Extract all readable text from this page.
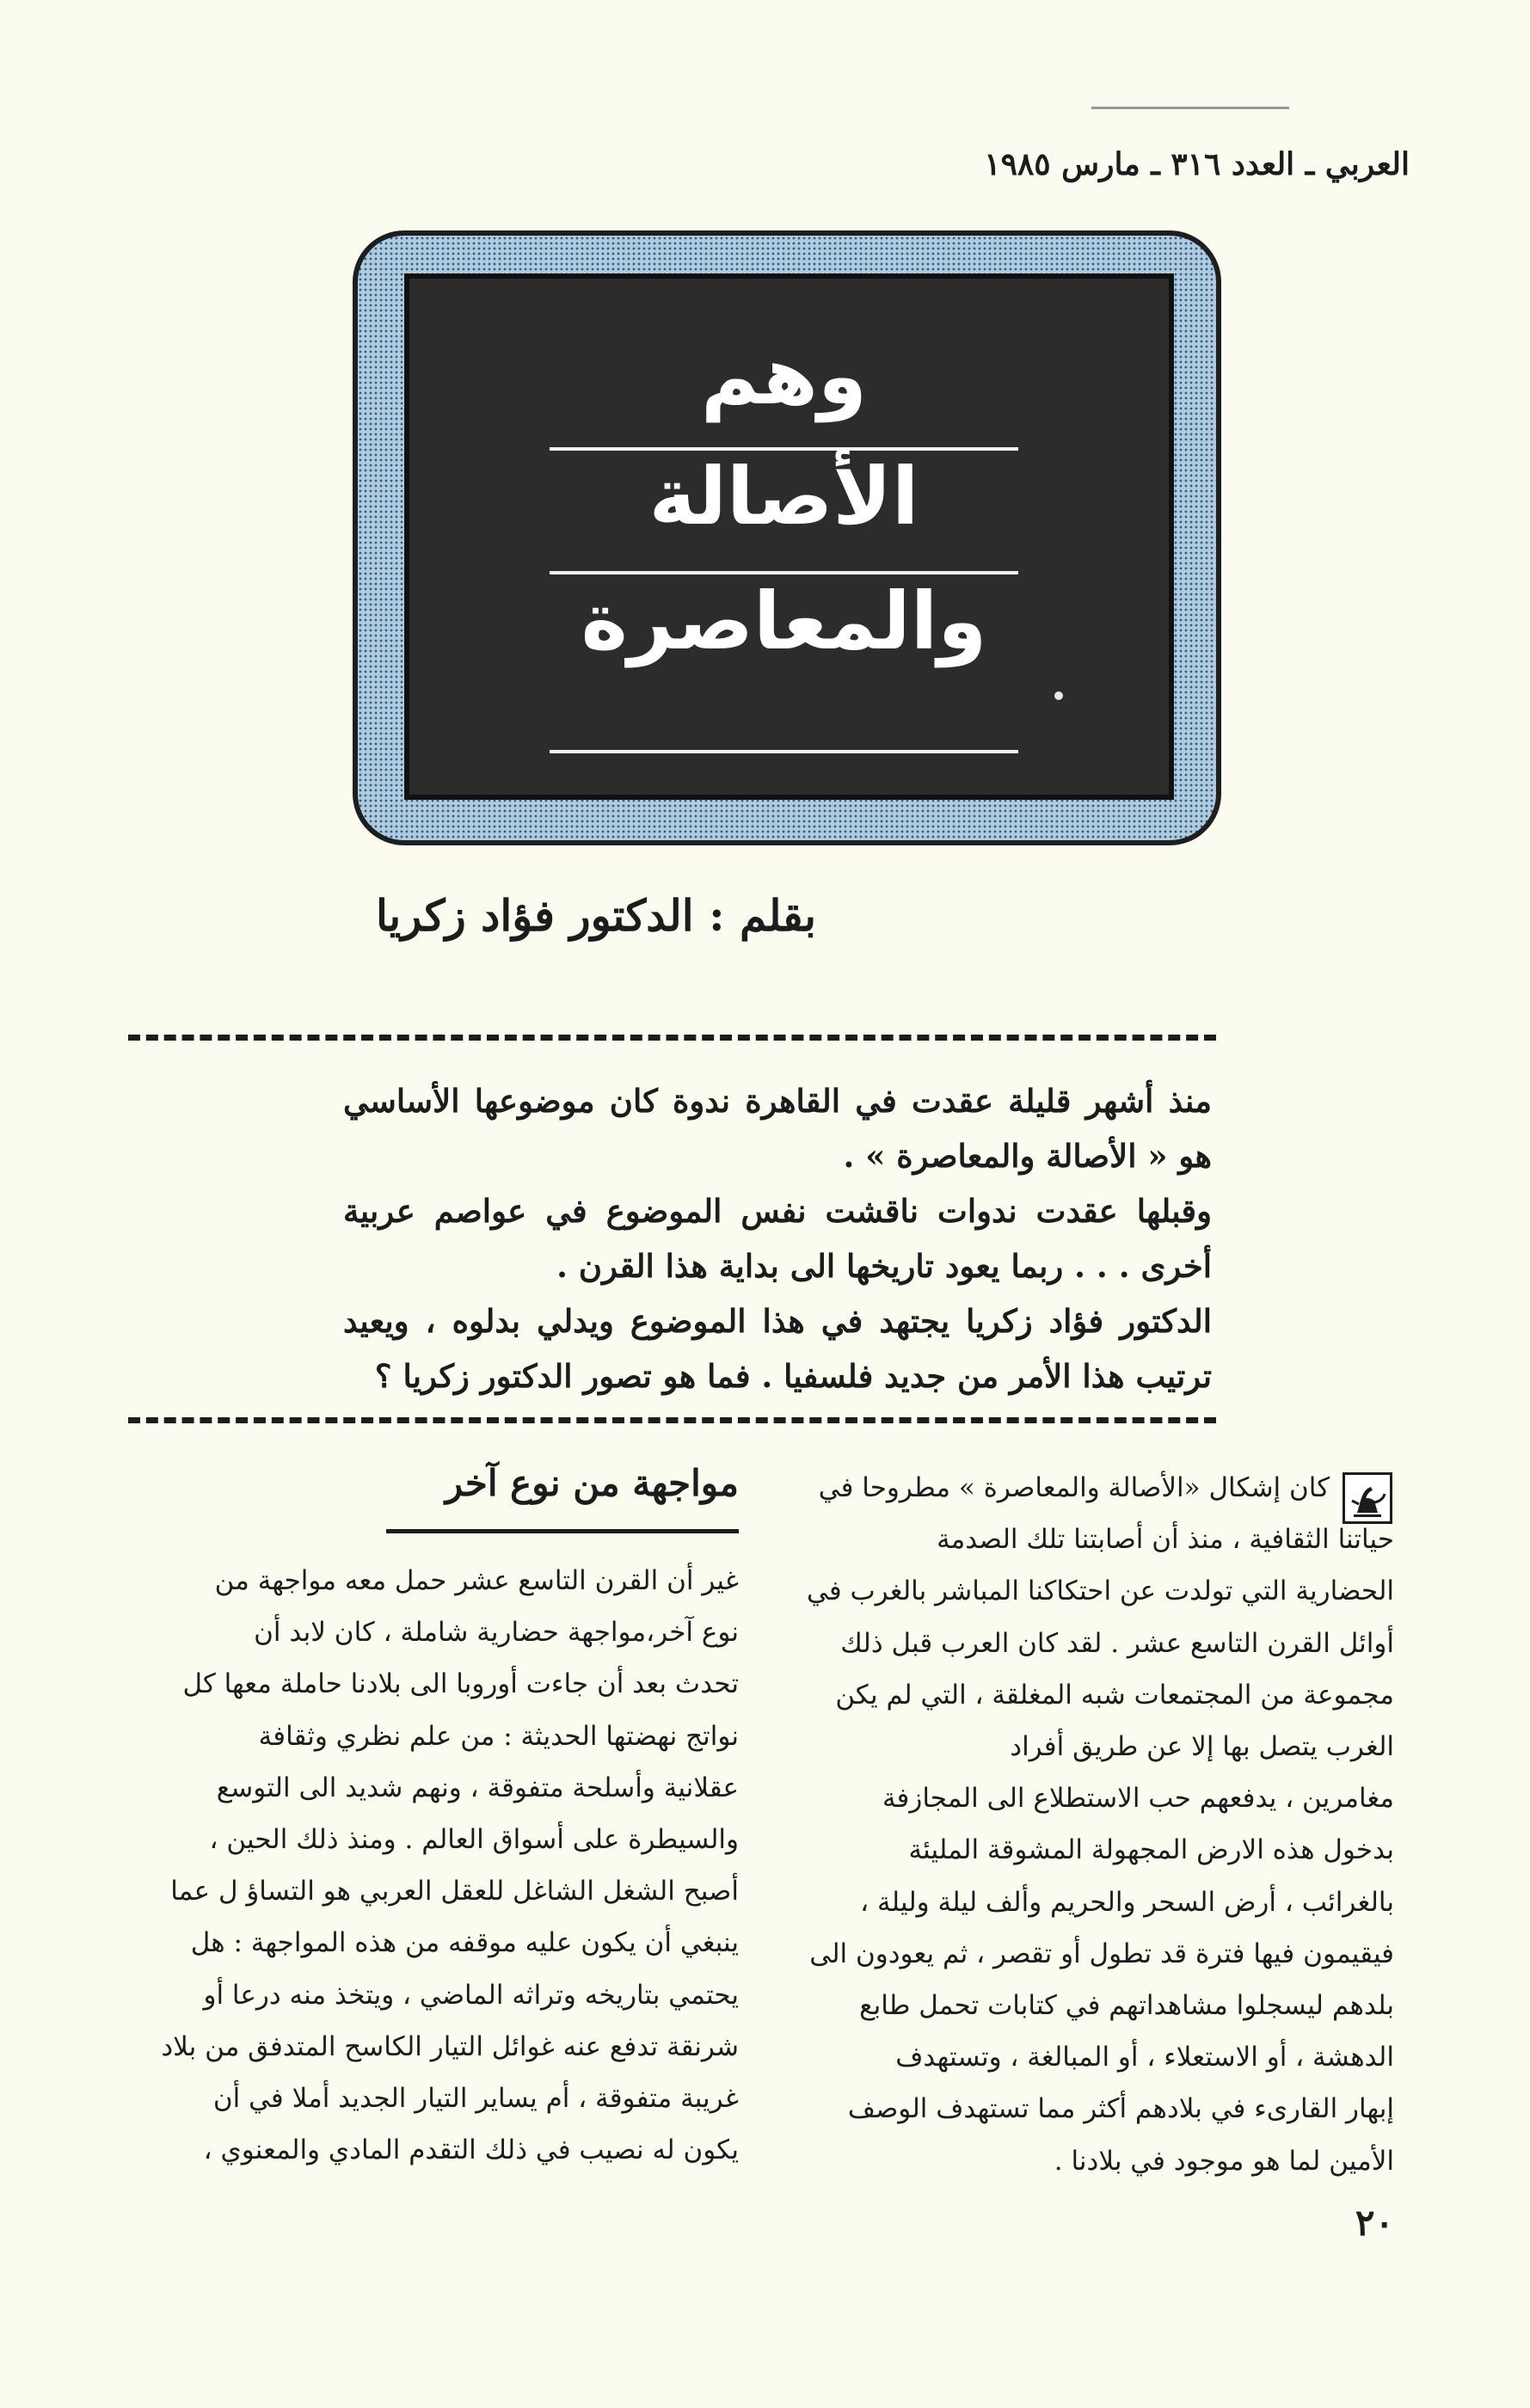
العربي ـ العدد ٣١٦ ـ مارس ١٩٨٥
وهم
الأصالة
والمعاصرة
بقلم : الدكتور فؤاد زكريا

منذ أشهر قليلة عقدت في القاهرة ندوة كان موضوعها الأساسي هو « الأصالة والمعاصرة » .

وقبلها عقدت ندوات ناقشت نفس الموضوع في عواصم عربية أخرى . . . ربما يعود تاريخها الى بداية هذا القرن .

الدكتور فؤاد زكريا يجتهد في هذا الموضوع ويدلي بدلوه ، ويعيد ترتيب هذا الأمر من جديد فلسفيا . فما هو تصور الدكتور زكريا ؟

كان إشكال «الأصالة والمعاصرة » مطروحا في

حياتنا الثقافية ، منذ أن أصابتنا تلك الصدمة

الحضارية التي تولدت عن احتكاكنا المباشر بالغرب في

أوائل القرن التاسع عشر . لقد كان العرب قبل ذلك

مجموعة من المجتمعات شبه المغلقة ، التي لم يكن

الغرب يتصل بها إلا عن طريق أفراد

مغامرين ، يدفعهم حب الاستطلاع الى المجازفة

بدخول هذه الارض المجهولة المشوقة المليئة

بالغرائب ، أرض السحر والحريم وألف ليلة وليلة ،

فيقيمون فيها فترة قد تطول أو تقصر ، ثم يعودون الى

بلدهم ليسجلوا مشاهداتهم في كتابات تحمل طابع

الدهشة ، أو الاستعلاء ، أو المبالغة ، وتستهدف

إبهار القارىء في بلادهم أكثر مما تستهدف الوصف

الأمين لما هو موجود في بلادنا .

مواجهة من نوع آخر

غير أن القرن التاسع عشر حمل معه مواجهة من

نوع آخر،مواجهة حضارية شاملة ، كان لابد أن

تحدث بعد أن جاءت أوروبا الى بلادنا حاملة معها كل

نواتج نهضتها الحديثة : من علم نظري وثقافة

عقلانية وأسلحة متفوقة ، ونهم شديد الى التوسع

والسيطرة على أسواق العالم . ومنذ ذلك الحين ،

أصبح الشغل الشاغل للعقل العربي هو التساؤ ل عما

ينبغي أن يكون عليه موقفه من هذه المواجهة : هل

يحتمي بتاريخه وتراثه الماضي ، ويتخذ منه درعا أو

شرنقة تدفع عنه غوائل التيار الكاسح المتدفق من بلاد

غريبة متفوقة ، أم يساير التيار الجديد أملا في أن

يكون له نصيب في ذلك التقدم المادي والمعنوي ،

٢٠
